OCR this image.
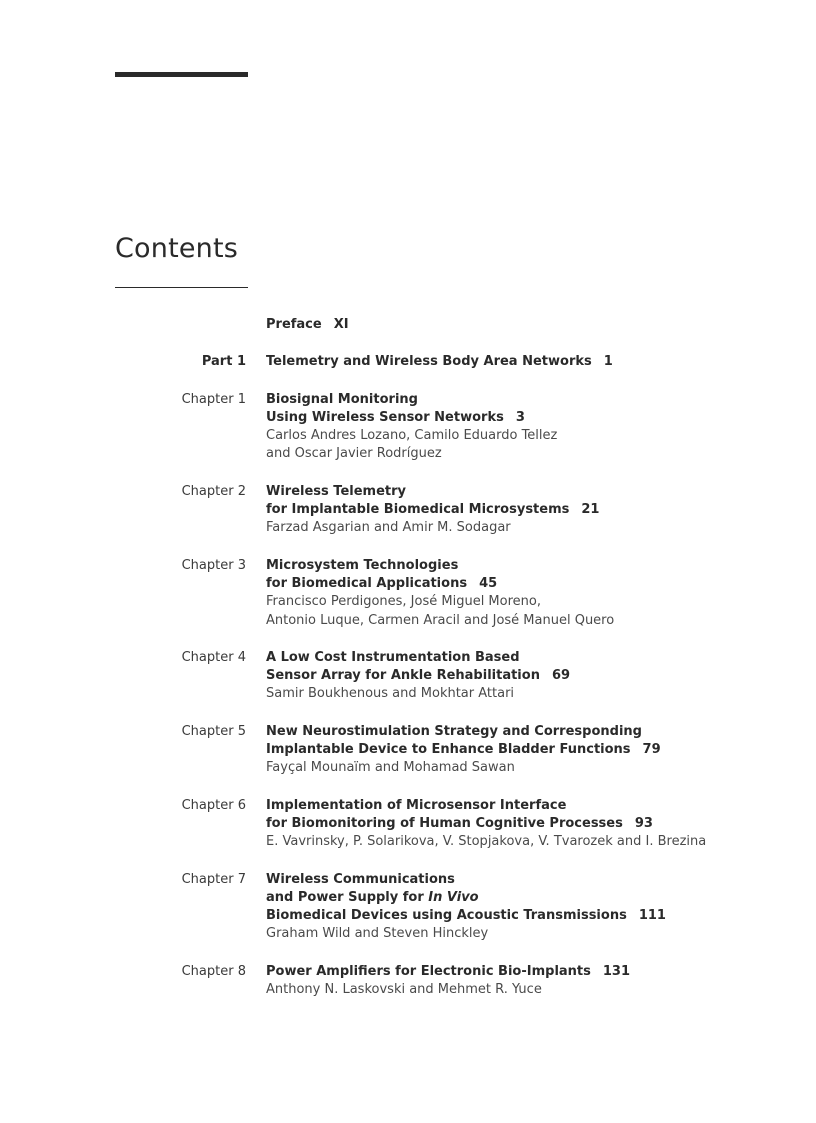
Contents
Preface XI
Part 1 Telemetry and Wireless Body Area Networks 1
Chapter 1 Biosignal Monitoring
Using Wireless Sensor Networks 3
Carlos Andres Lozano, Camilo Eduardo Tellez
and Oscar Javier Rodríguez
Chapter 2 Wireless Telemetry
for Implantable Biomedical Microsystems 21
Farzad Asgarian and Amir M. Sodagar
Chapter 3 Microsystem Technologies
for Biomedical Applications 45
Francisco Perdigones, José Miguel Moreno,
Antonio Luque, Carmen Aracil and José Manuel Quero
Chapter 4 A Low Cost Instrumentation Based
Sensor Array for Ankle Rehabilitation 69
Samir Boukhenous and Mokhtar Attari
Chapter 5 New Neurostimulation Strategy and Corresponding
Implantable Device to Enhance Bladder Functions 79
Fayçal Mounaïm and Mohamad Sawan
Chapter 6 Implementation of Microsensor Interface
for Biomonitoring of Human Cognitive Processes 93
E. Vavrinsky, P. Solarikova, V. Stopjakova, V. Tvarozek and I. Brezina
Chapter 7 Wireless Communications
and Power Supply for In Vivo
Biomedical Devices using Acoustic Transmissions 111
Graham Wild and Steven Hinckley
Chapter 8 Power Amplifiers for Electronic Bio-Implants 131
Anthony N. Laskovski and Mehmet R. Yuce
